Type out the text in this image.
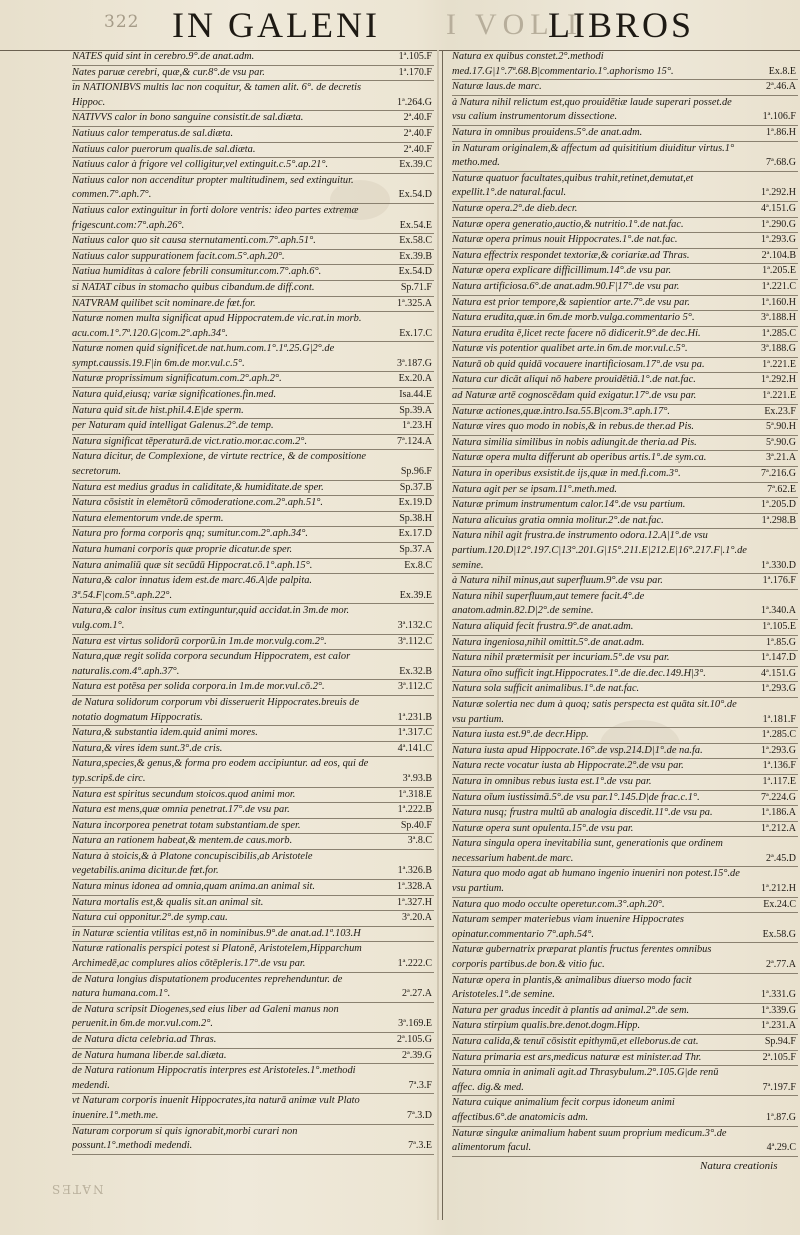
322 IN GALENI I VOL I
LIBROS
NATES quid sint in cerebro.9°.de anat.adm.	1ª.105.F
Nates paruæ cerebri, quæ,& cur.8°.de vsu par.	1ª.170.F
in NATIONIBVS multis lac non coquitur, & tamen alit. 6°. de decretis Hippoc.	1ª.264.G
NATIVVS calor in bono sanguine consistit.de sal.diæta.	2ª.40.F
Natiuus calor temperatus.de sal.diæta.	2ª.40.F
Natiuus calor puerorum qualis.de sal.diæta.	2ª.40.F
Natiuus calor à frigore vel colligitur,vel extinguit.c.5°.ap.21°.	Ex.39.C
Natiuus calor non accenditur propter multitudinem, sed extinguitur. commen.7°.aph.7°.	Ex.54.D
Natiuus calor extinguitur in forti dolore ventris: ideo partes extremæ frigescunt.com:7°.aph.26°.	Ex.54.E
Natiuus calor quo sit causa sternutamenti.com.7°.aph.51°.	Ex.58.C
Natiuus calor suppurationem facit.com.5°.aph.20°.	Ex.39.B
Natiua humiditas à calore febrili consumitur.com.7°.aph.6°.	Ex.54.D
si NATAT cibus in stomacho quibus cibandum.de diff.cont.	Sp.71.F
NATVRAM quilibet scit nominare.de fœt.for.	1ª.325.A
Naturæ nomen multa significat apud Hippocratem.de vic.rat.in morb. acu.com.1°.7ª.120.G|com.2°.aph.34°.	Ex.17.C
Naturæ nomen quid significet.de nat.hum.com.1°.1ª.25.G|2°.de sympt.caussis.19.F|in 6m.de mor.vul.c.5°.	3ª.187.G
Naturæ proprissimum significatum.com.2°.aph.2°.	Ex.20.A
Natura quid,eiusq; variæ significationes.fin.med.	Isa.44.E
Natura quid sit.de hist.phil.4.E|de sperm.	Sp.39.A
per Naturam quid intelligat Galenus.2°.de temp.	1ª.23.H
Natura significat tēperaturā.de vict.ratio.mor.ac.com.2°.	7ª.124.A
Natura dicitur, de Complexione, de virtute rectrice, & de compositione secretorum.	Sp.96.F
Natura est medius gradus in caliditate,& humiditate.de sper.	Sp.37.B
Natura cōsistit in elemētorū cōmoderatione.com.2°.aph.51°.	Ex.19.D
Natura elementorum vnde.de sperm.	Sp.38.H
Natura pro forma corporis qnq; sumitur.com.2°.aph.34°.	Ex.17.D
Natura humani corporis quæ proprie dicatur.de sper.	Sp.37.A
Natura animaliū quæ sit secūdū Hippocrat.cō.1°.aph.15°.	Ex.8.C
Natura,& calor innatus idem est.de marc.46.A|de palpita. 3ª.54.F|com.5°.aph.22°.	Ex.39.E
Natura,& calor insitus cum extinguntur,quid accidat.in 3m.de mor. vulg.com.1°.	3ª.132.C
Natura est virtus solidorū corporū.in 1m.de mor.vulg.com.2°.	3ª.112.C
Natura,quæ regit solida corpora secundum Hippocratem, est calor naturalis.com.4°.aph.37°.	Ex.32.B
Natura est potēsa per solida corpora.in 1m.de mor.vul.cō.2°.	3ª.112.C
de Natura solidorum corporum vbi disseruerit Hippocrates.breuis de notatio dogmatum Hippocratis.	1ª.231.B
Natura,& substantia idem.quid animi mores.	1ª.317.C
Natura,& vires idem sunt.3°.de cris.	4ª.141.C
Natura,species,& genus,& forma pro eodem accipiuntur. ad eos, qui de typ.scripš.de circ.	3ª.93.B
Natura est spiritus secundum stoicos.quod animi mor.	1ª.318.E
Natura est mens,quæ omnia penetrat.17°.de vsu par.	1ª.222.B
Natura incorporea penetrat totam substantiam.de sper.	Sp.40.F
Natura an rationem habeat,& mentem.de caus.morb.	3ª.8.C
Natura à stoicis,& à Platone concupiscibilis,ab Aristotele vegetabilis.anima dicitur.de fœt.for.	1ª.326.B
Natura minus idonea ad omnia,quam anima.an animal sit.	1ª.328.A
Natura mortalis est,& qualis sit.an animal sit.	1ª.327.H
Natura cui opponitur.2°.de symp.cau.	3ª.20.A
in Naturæ scientia vtilitas est,nō in nominibus.9°.de anat.ad.1ª.103.H
Naturæ rationalis perspici potest si Platonē, Aristotelem,Hipparchum Archimedē,ac complures alios cōtēpleris.17°.de vsu par.	1ª.222.C
de Natura longius disputationem producentes reprehenduntur. de natura humana.com.1°.	2ª.27.A
de Natura scripsit Diogenes,sed eius liber ad Galeni manus non peruenit.in 6m.de mor.vul.com.2°.	3ª.169.E
de Natura dicta celebria.ad Thras.	2ª.105.G
de Natura humana liber.de sal.diæta.	2ª.39.G
de Natura rationum Hippocratis interpres est Aristoteles.1°.methodi medendi.	7ª.3.F
vt Naturam corporis inuenit Hippocrates,ita naturā animæ vult Plato inuenire.1°.meth.me.	7ª.3.D
Naturam corporum si quis ignorabit,morbi curari non possunt.1°.methodi medendi.	7ª.3.E
Natura ex quibus constet.2°.methodi med.17.G|1°.7ª.68.B|commentario.1°.aphorismo 15°.	Ex.8.E
Naturæ laus.de marc.	2ª.46.A
à Natura nihil relictum est,quo prouidētiæ laude superari posset.de vsu calium instrumentorum dissectione.	1ª.106.F
Natura in omnibus prouidens.5°.de anat.adm.	1ª.86.H
in Naturam originalem,& affectum ad quisititium diuiditur virtus.1° metho.med.	7ª.68.G
Naturæ quatuor facultates,quibus trahit,retinet,demutat,et expellit.1°.de natural.facul.	1ª.292.H
Naturæ opera.2°.de dieb.decr.	4ª.151.G
Naturæ opera generatio,auctio,& nutritio.1°.de nat.fac.	1ª.290.G
Naturæ opera primus nouit Hippocrates.1°.de nat.fac.	1ª.293.G
Natura effectrix respondet textoriæ,& coriariæ.ad Thras.	2ª.104.B
Naturæ opera explicare difficillimum.14°.de vsu par.	1ª.205.E
Natura artificiosa.6°.de anat.adm.90.F|17°.de vsu par.	1ª.221.C
Natura est prior tempore,& sapientior arte.7°.de vsu par.	1ª.160.H
Natura erudita,quæ.in 6m.de morb.vulga.commentario 5°.	3ª.188.H
Natura erudita ē,licet recte facere nō didicerit.9°.de dec.Hi.	1ª.285.C
Naturæ vis potentior qualibet arte.in 6m.de mor.vul.c.5°.	3ª.188.G
Naturā ob quid quidā vocauere inartificiosam.17°.de vsu pa.	1ª.221.E
Natura cur dicāt aliqui nō habere prouidētiā.1°.de nat.fac.	1ª.292.H
ad Naturæ artē cognoscēdam quid exigatur.17°.de vsu par.	1ª.221.E
Naturæ actiones,quæ.intro.Isa.55.B|com.3°.aph.17°.	Ex.23.F
Naturæ vires quo modo in nobis,& in rebus.de ther.ad Pis.	5ª.90.H
Natura similia similibus in nobis adiungit.de theria.ad Pis.	5ª.90.G
Naturæ opera multa differunt ab operibus artis.1°.de sym.ca.	3ª.21.A
Natura in operibus exsistit.de ijs,quæ in med.fi.com.3°.	7ª.216.G
Natura agit per se ipsam.11°.meth.med.	7ª.62.E
Naturæ primum instrumentum calor.14°.de vsu partium.	1ª.205.D
Natura alicuius gratia omnia molitur.2°.de nat.fac.	1ª.298.B
Natura nihil agit frustra.de instrumento odora.12.A|1°.de vsu partium.120.D|12°.197.C|13°.201.G|15°.211.E|212.E|16°.217.F|.1°.de semine.	1ª.330.D
à Natura nihil minus,aut superfluum.9°.de vsu par.	1ª.176.F
Natura nihil superfluum,aut temere facit.4°.de anatom.admin.82.D|2°.de semine.	1ª.340.A
Natura aliquid fecit frustra.9°.de anat.adm.	1ª.105.E
Natura ingeniosa,nihil omittit.5°.de anat.adm.	1ª.85.G
Natura nihil prætermisit per incuriam.5°.de vsu par.	1ª.147.D
Natura oīno sufficit ingt.Hippocrates.1°.de die.dec.149.H|3°.	4ª.151.G
Natura sola sufficit animalibus.1°.de nat.fac.	1ª.293.G
Naturæ solertia nec dum à quoq; satis perspecta est quāta sit.10°.de vsu partium.	1ª.181.F
Natura iusta est.9°.de decr.Hipp.	1ª.285.C
Natura iusta apud Hippocrate.16°.de vsp.214.D|1°.de na.fa.	1ª.293.G
Natura recte vocatur iusta ab Hippocrate.2°.de vsu par.	1ª.136.F
Natura in omnibus rebus iusta est.1°.de vsu par.	1ª.117.E
Natura oīum iustissimā.5°.de vsu par.1°.145.D|de frac.c.1°.	7ª.224.G
Natura nusq; frustra multū ab analogia discedit.11°.de vsu pa.	1ª.186.A
Naturæ opera sunt opulenta.15°.de vsu par.	1ª.212.A
Natura singula opera inevitabilia sunt, generationis que ordinem necessarium habent.de marc.	2ª.45.D
Natura quo modo agat ab humano ingenio inueniri non potest.15°.de vsu partium.	1ª.212.H
Natura quo modo occulte operetur.com.3°.aph.20°.	Ex.24.C
Naturam semper materiebus viam inuenire Hippocrates opinatur.commentario 7°.aph.54°.	Ex.58.G
Naturæ gubernatrix præparat plantis fructus ferentes omnibus corporis partibus.de bon.& vitio fuc.	2ª.77.A
Naturæ opera in plantis,& animalibus diuerso modo facit Aristoteles.1°.de semine.	1ª.331.G
Natura per gradus incedit à plantis ad animal.2°.de sem.	1ª.339.G
Natura stirpium qualis.bre.denot.dogm.Hipp.	1ª.231.A
Natura calida,& tenuī cōsistit epithymū,et elleborus.de cat.	Sp.94.F
Natura primaria est ars,medicus naturæ est minister.ad Thr.	2ª.105.F
Natura omnia in animali agit.ad Thrasybulum.2°.105.G|de renū affec. dig.& med.	7ª.197.F
Natura cuique animalium fecit corpus idoneum animi affectibus.6°.de anatomicis adm.	1ª.87.G
Naturæ singulæ animalium habent suum proprium medicum.3°.de alimentorum facul.	4ª.29.C
Natura creationis
NATES
